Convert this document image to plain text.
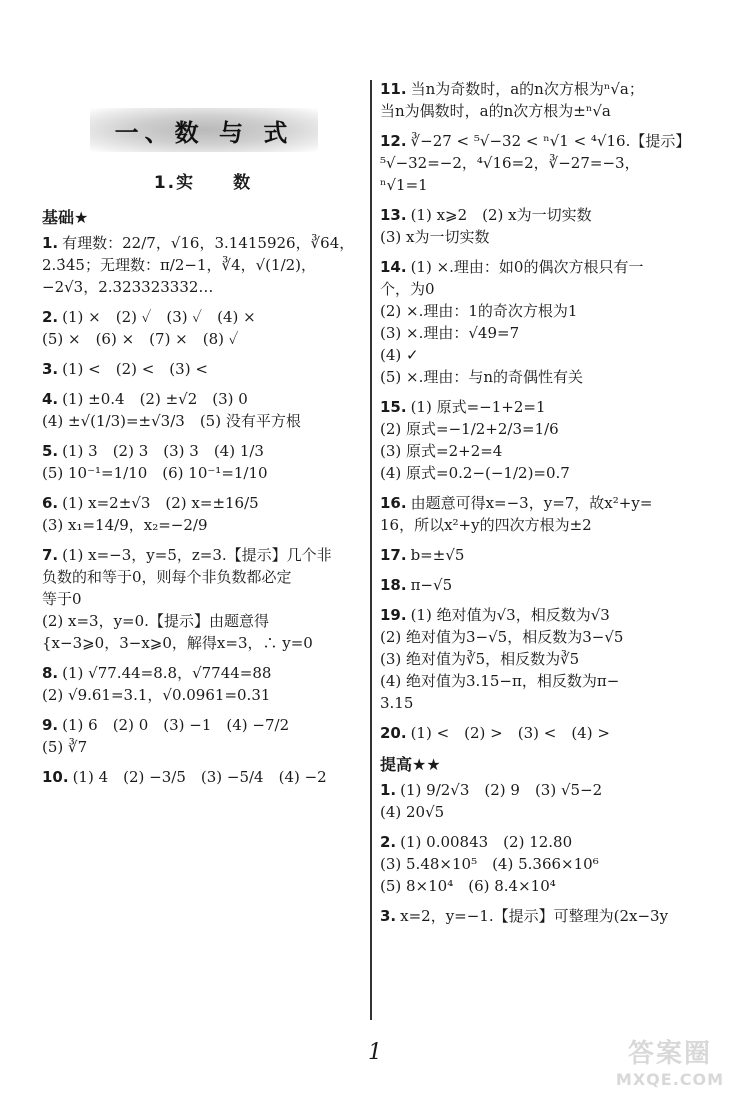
一、数 与 式
1.实　　数
基础★
1. 有理数：22/7，√16，3.1415926，∛64，
2.3̇4̇5；无理数：π/2−1，∛4，√(1/2)，
−2√3，2.323323332…
2. (1) ×　(2) ✓　(3) ✓　(4) ×
(5) ×　(6) ×　(7) ×　(8) ✓
3. (1) <　(2) <　(3) <
4. (1) ±0.4　(2) ±√2　(3) 0
(4) ±√(1/3)=±√3/3　(5) 没有平方根
5. (1) 3　(2) 3　(3) 3　(4) 1/3
(5) 10⁻¹=1/10　(6) 10⁻¹=1/10
6. (1) x=2±√3　(2) x=±16/5
(3) x₁=14/9，x₂=−2/9
7. (1) x=−3，y=5，z=3.【提示】几个非
负数的和等于0，则每个非负数都必定
等于0
(2) x=3，y=0.【提示】由题意得
{x−3⩾0，3−x⩾0，解得x=3，∴ y=0
8. (1) √77.44=8.8，√7744=88
(2) √9.61=3.1，√0.0961=0.31
9. (1) 6　(2) 0　(3) −1　(4) −7/2
(5) ∛7
10. (1) 4　(2) −3/5　(3) −5/4　(4) −2
11. 当n为奇数时，a的n次方根为ⁿ√a；
当n为偶数时，a的n次方根为±ⁿ√a
12. ∛−27 < ⁵√−32 < ⁿ√1 < ⁴√16.【提示】
⁵√−32=−2，⁴√16=2，∛−27=−3，
ⁿ√1=1
13. (1) x⩾2　(2) x为一切实数
(3) x为一切实数
14. (1) ×.理由：如0的偶次方根只有一
个，为0
(2) ×.理由：1的奇次方根为1
(3) ×.理由：√49=7
(4) ✓
(5) ×.理由：与n的奇偶性有关
15. (1) 原式=−1+2=1
(2) 原式=−1/2+2/3=1/6
(3) 原式=2+2=4
(4) 原式=0.2−(−1/2)=0.7
16. 由题意可得x=−3，y=7，故x²+y=
16，所以x²+y的四次方根为±2
17. b=±√5
18. π−√5
19. (1) 绝对值为√3，相反数为√3
(2) 绝对值为3−√5，相反数为3−√5
(3) 绝对值为∛5，相反数为∛5
(4) 绝对值为3.15−π，相反数为π−
3.15
20. (1) <　(2) >　(3) <　(4) >
提高★★
1. (1) 9/2√3　(2) 9　(3) √5−2
(4) 20√5
2. (1) 0.00843　(2) 12.80
(3) 5.48×10⁵　(4) 5.366×10⁶
(5) 8×10⁴　(6) 8.4×10⁴
3. x=2，y=−1.【提示】可整理为(2x−3y
1	答案圈
MXQE.COM
